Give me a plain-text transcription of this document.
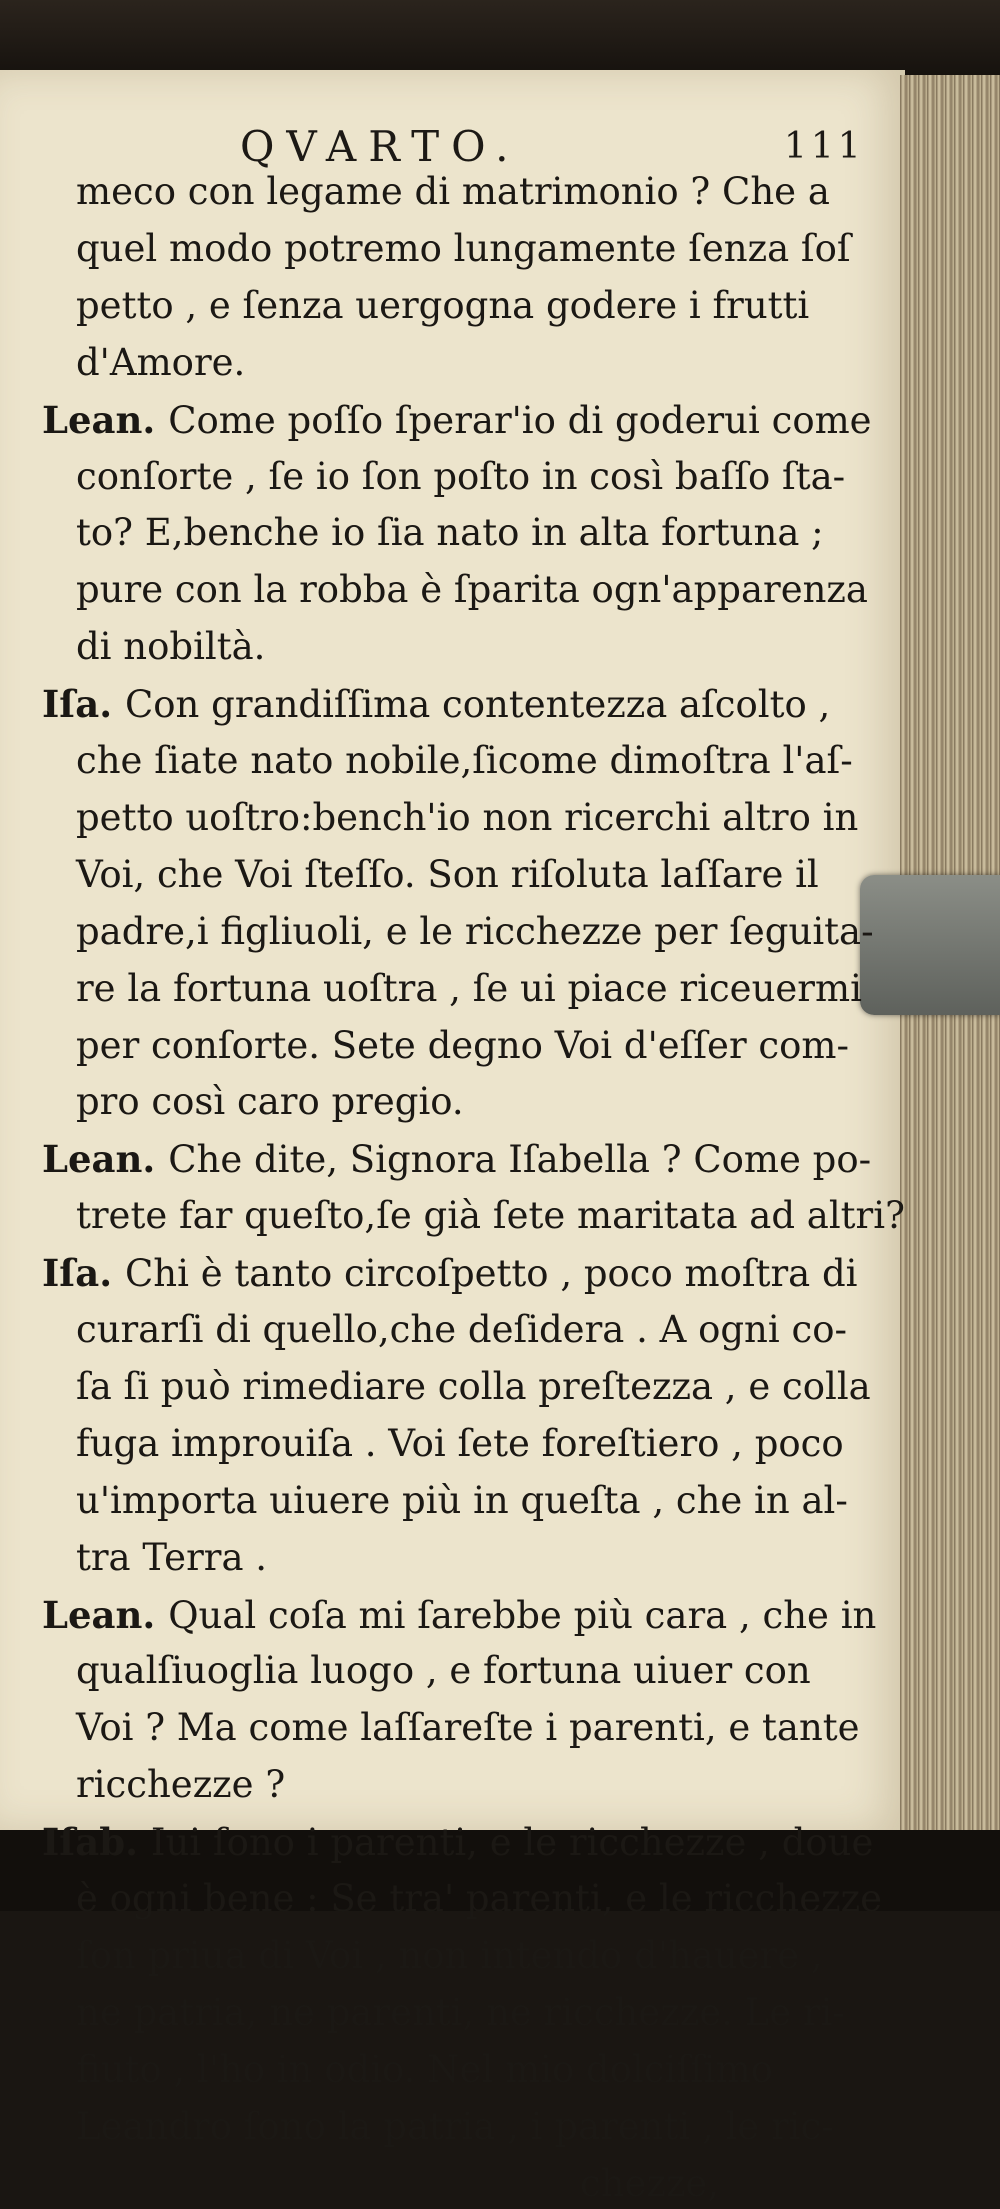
QVARTO.	111
meco con legame di matrimonio ? Che a
quel modo potremo lungamente ſenza ſoſ
petto , e ſenza uergogna godere i frutti
d'Amore.
Lean. Come poſſo ſperar'io di goderui come
conſorte , ſe io ſon poſto in così baſſo ſta-
to? E,benche io ſia nato in alta fortuna ;
pure con la robba è ſparita ogn'apparenza
di nobiltà.
Iſa. Con grandiſſima contentezza aſcolto ,
che ſiate nato nobile,ſicome dimoſtra l'aſ-
petto uoſtro:bench'io non ricerchi altro in
Voi, che Voi ſteſſo. Son riſoluta laſſare il
padre,i figliuoli, e le ricchezze per ſeguita-
re la fortuna uoſtra , ſe ui piace riceuermi
per conſorte. Sete degno Voi d'eſſer com-
pro così caro pregio.
Lean. Che dite, Signora Iſabella ? Come po-
trete far queſto,ſe già ſete maritata ad altri?
Iſa. Chi è tanto circoſpetto , poco moſtra di
curarſi di quello,che deſidera . A ogni co-
ſa ſi può rimediare colla preſtezza , e colla
fuga improuiſa . Voi ſete foreſtiero , poco
u'importa uiuere più in queſta , che in al-
tra Terra .
Lean. Qual coſa mi ſarebbe più cara , che in
qualſiuoglia luogo , e fortuna uiuer con
Voi ? Ma come laſſareſte i parenti, e tante
ricchezze ?
Iſab. Iui ſono i parenti, e le ricchezze , doue
è ogni bene : Se tra' parenti, e le ricchezze
ſon priua di Voi , non intendo d'hauere ,
ne patria, ne parenti, ne ricchezze. Le ri-
fiuto , l'ho in odio. Nel mio dolciſſimo
Leandro ſono la patria , i parenti , le ric-
chezze,
